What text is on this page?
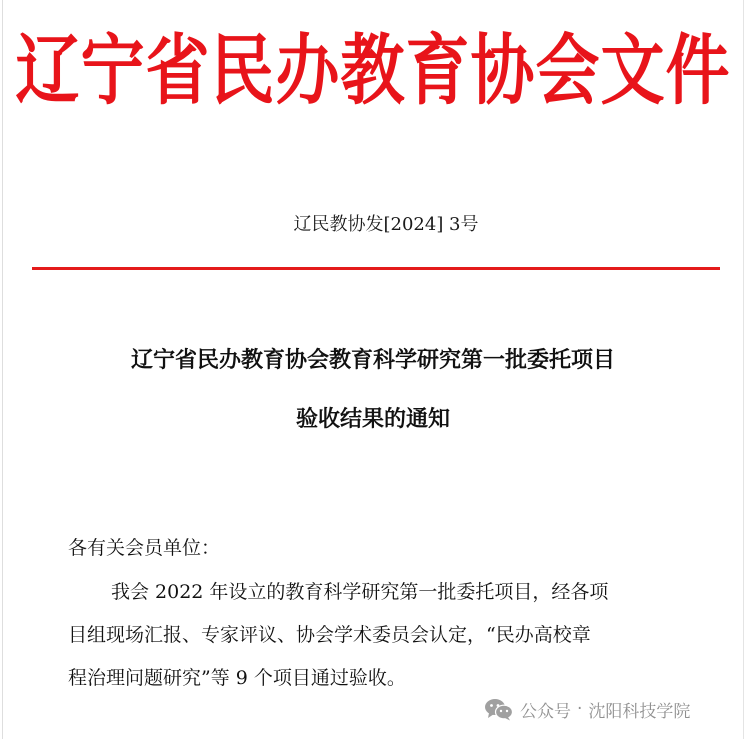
辽宁省民办教育协会文件
辽民教协发[2024] 3号
辽宁省民办教育协会教育科学研究第一批委托项目
验收结果的通知
各有关会员单位：
我会 2022 年设立的教育科学研究第一批委托项目，经各项
目组现场汇报、专家评议、协会学术委员会认定，“民办高校章
程治理问题研究”等 9 个项目通过验收。
公众号 · 沈阳科技学院
